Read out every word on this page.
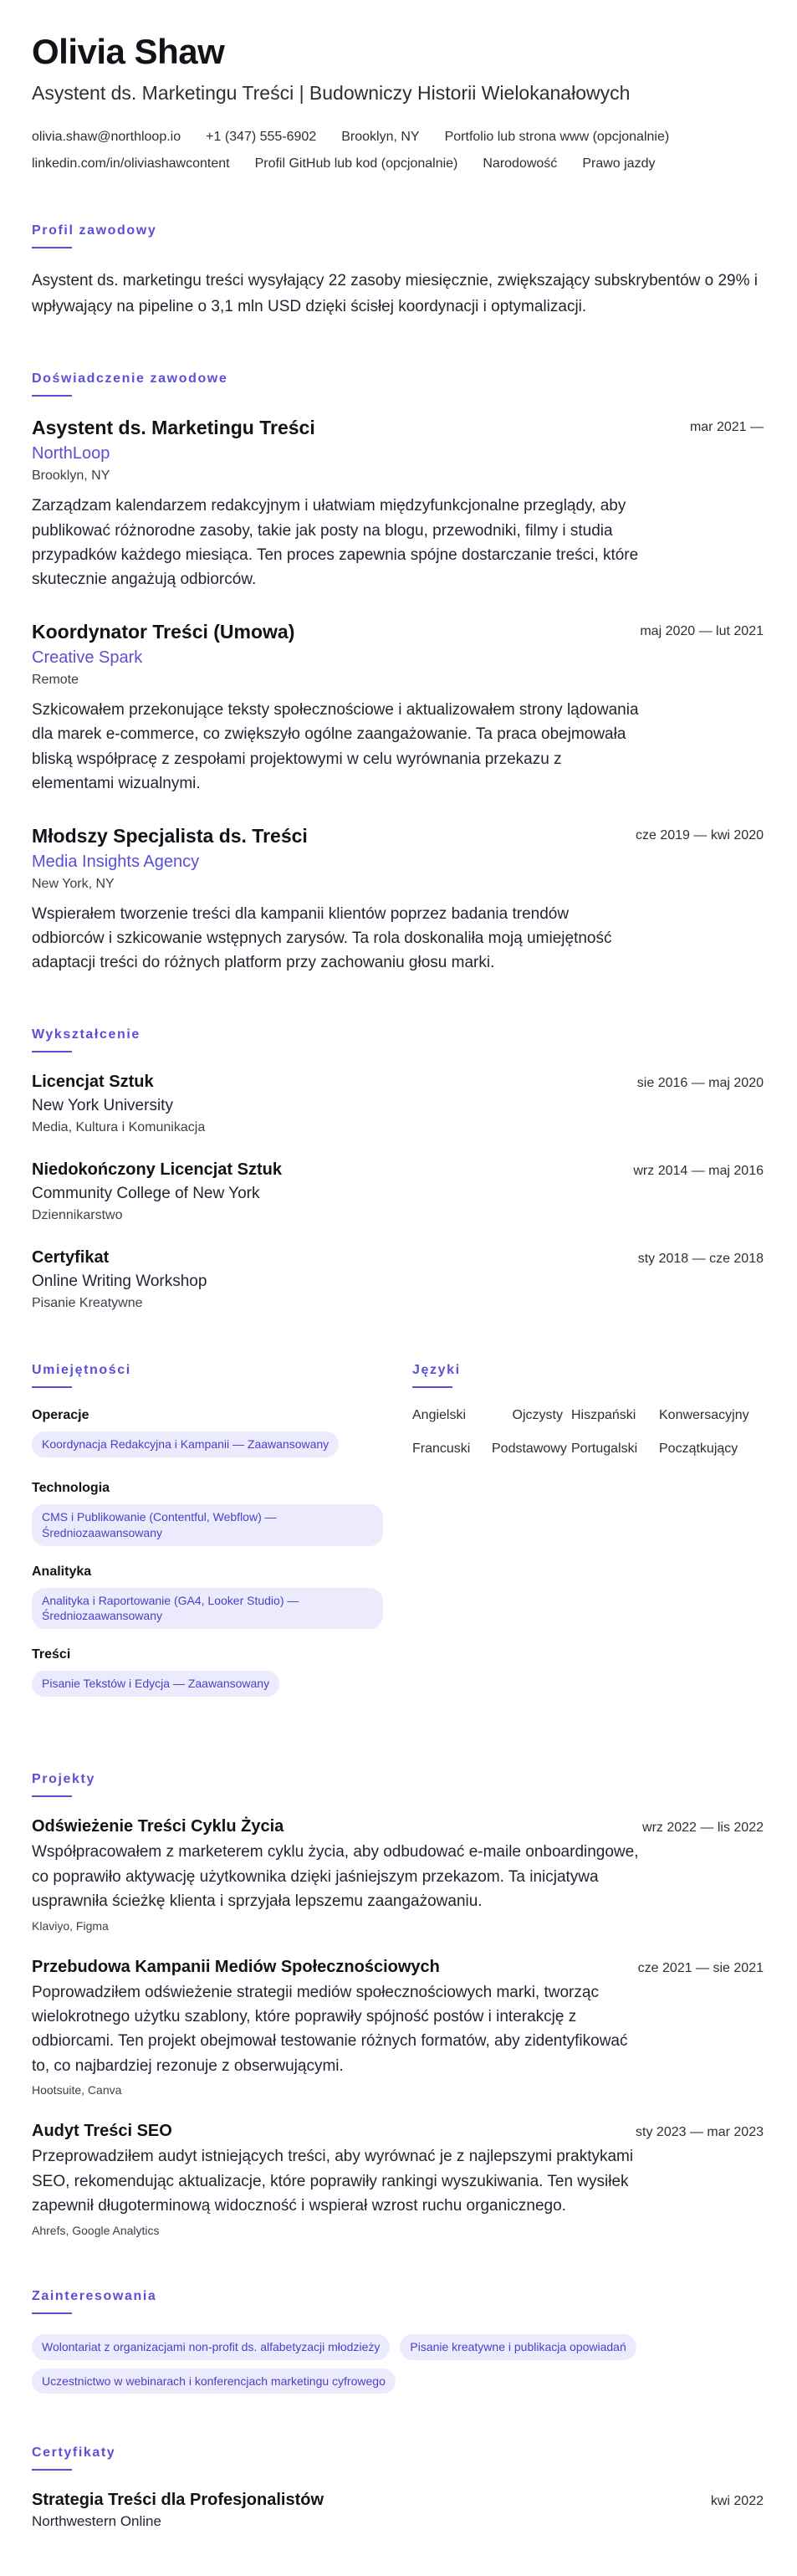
Olivia Shaw
Asystent ds. Marketingu Treści | Budowniczy Historii Wielokanałowych
olivia.shaw@northloop.io +1 (347) 555-6902 Brooklyn, NY Portfolio lub strona www (opcjonalnie)
linkedin.com/in/oliviashawcontent Profil GitHub lub kod (opcjonalnie) Narodowość Prawo jazdy
Profil zawodowy

Asystent ds. marketingu treści wysyłający 22 zasoby miesięcznie, zwiększający subskrybentów o 29% i wpływający na pipeline o 3,1 mln USD dzięki ścisłej koordynacji i optymalizacji.

Doświadczenie zawodowe
Asystent ds. Marketingu Treści
NorthLoop
Brooklyn, NY
Zarządzam kalendarzem redakcyjnym i ułatwiam międzyfunkcjonalne przeglądy, aby publikować różnorodne zasoby, takie jak posty na blogu, przewodniki, filmy i studia przypadków każdego miesiąca. Ten proces zapewnia spójne dostarczanie treści, które skutecznie angażują odbiorców.
mar 2021 —
Koordynator Treści (Umowa)
Creative Spark
Remote
Szkicowałem przekonujące teksty społecznościowe i aktualizowałem strony lądowania dla marek e-commerce, co zwiększyło ogólne zaangażowanie. Ta praca obejmowała bliską współpracę z zespołami projektowymi w celu wyrównania przekazu z elementami wizualnymi.
maj 2020 — lut 2021
Młodszy Specjalista ds. Treści
Media Insights Agency
New York, NY
Wspierałem tworzenie treści dla kampanii klientów poprzez badania trendów odbiorców i szkicowanie wstępnych zarysów. Ta rola doskonaliła moją umiejętność adaptacji treści do różnych platform przy zachowaniu głosu marki.
cze 2019 — kwi 2020
Wykształcenie
Licencjat Sztuk
New York University
Media, Kultura i Komunikacja
sie 2016 — maj 2020
Niedokończony Licencjat Sztuk
Community College of New York
Dziennikarstwo
wrz 2014 — maj 2016
Certyfikat
Online Writing Workshop
Pisanie Kreatywne
sty 2018 — cze 2018
Umiejętności
Operacje
Koordynacja Redakcyjna i Kampanii — Zaawansowany
Technologia
CMS i Publikowanie (Contentful, Webflow) — Średniozaawansowany
Analityka
Analityka i Raportowanie (GA4, Looker Studio) — Średniozaawansowany
Treści
Pisanie Tekstów i Edycja — Zaawansowany
Języki
Angielski	Ojczysty Hiszpański	Konwersacyjny
Francuski	Podstawowy Portugalski	Początkujący
Projekty
Odświeżenie Treści Cyklu Życia
Współpracowałem z marketerem cyklu życia, aby odbudować e-maile onboardingowe, co poprawiło aktywację użytkownika dzięki jaśniejszym przekazom. Ta inicjatywa usprawniła ścieżkę klienta i sprzyjała lepszemu zaangażowaniu.
Klaviyo, Figma
wrz 2022 — lis 2022
Przebudowa Kampanii Mediów Społecznościowych
Poprowadziłem odświeżenie strategii mediów społecznościowych marki, tworząc wielokrotnego użytku szablony, które poprawiły spójność postów i interakcję z odbiorcami. Ten projekt obejmował testowanie różnych formatów, aby zidentyfikować to, co najbardziej rezonuje z obserwującymi.
Hootsuite, Canva
cze 2021 — sie 2021
Audyt Treści SEO
Przeprowadziłem audyt istniejących treści, aby wyrównać je z najlepszymi praktykami SEO, rekomendując aktualizacje, które poprawiły rankingi wyszukiwania. Ten wysiłek zapewnił długoterminową widoczność i wspierał wzrost ruchu organicznego.
Ahrefs, Google Analytics
sty 2023 — mar 2023
Zainteresowania
Wolontariat z organizacjami non-profit ds. alfabetyzacji młodzieży	Pisanie kreatywne i publikacja opowiadań
Uczestnictwo w webinarach i konferencjach marketingu cyfrowego
Certyfikaty
Strategia Treści dla Profesjonalistów
Northwestern Online
kwi 2022
